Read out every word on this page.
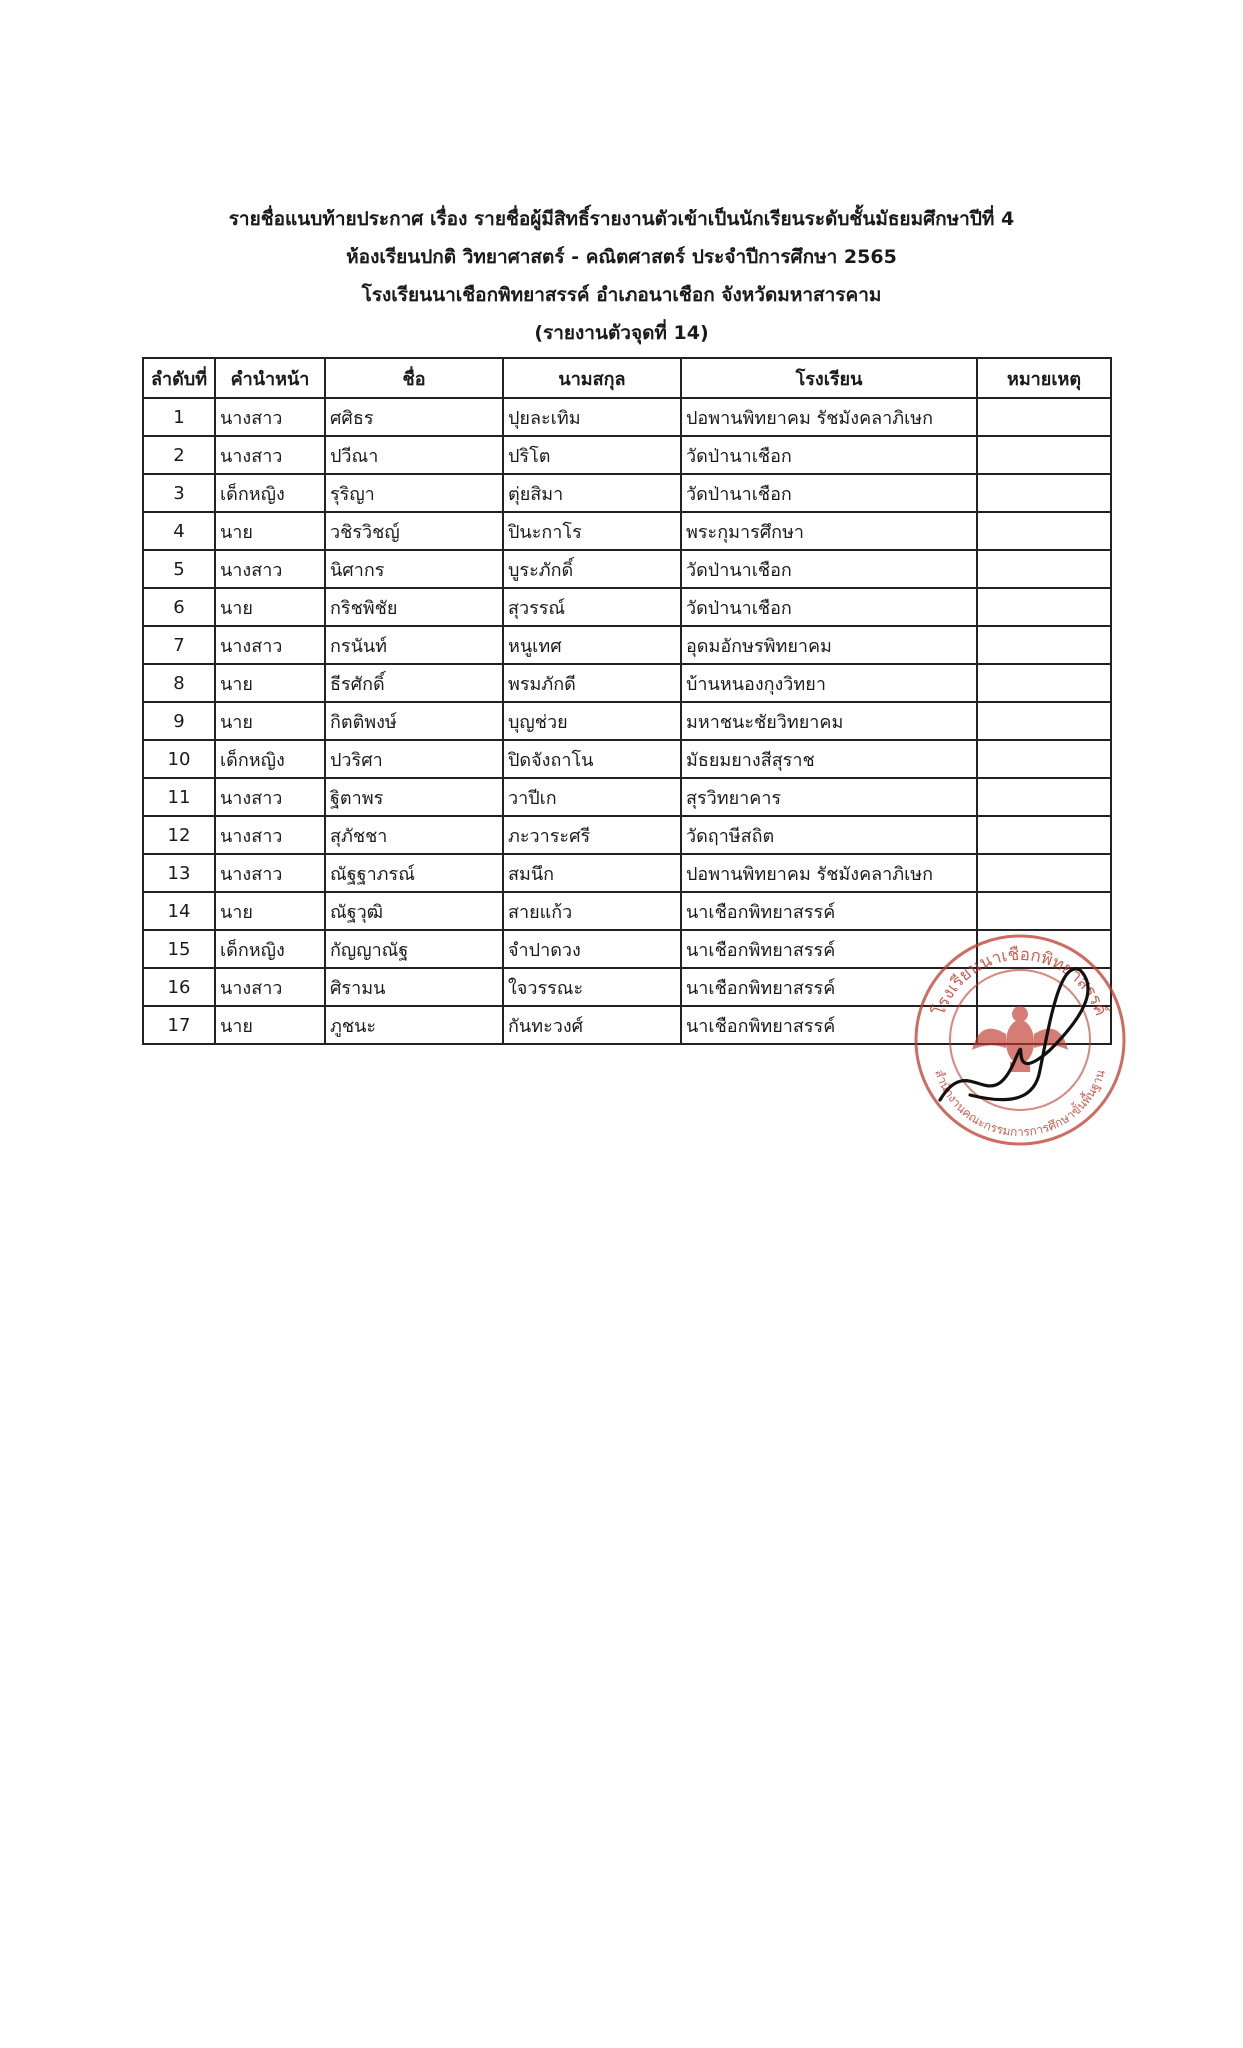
รายชื่อแนบท้ายประกาศ เรื่อง รายชื่อผู้มีสิทธิ์รายงานตัวเข้าเป็นนักเรียนระดับชั้นมัธยมศึกษาปีที่ 4
ห้องเรียนปกติ วิทยาศาสตร์ - คณิตศาสตร์ ประจำปีการศึกษา 2565
โรงเรียนนาเชือกพิทยาสรรค์ อำเภอนาเชือก จังหวัดมหาสารคาม
(รายงานตัวจุดที่ 14)
ลำดับที่	คำนำหน้า	ชื่อ	นามสกุล	โรงเรียน	หมายเหตุ
1	นางสาว	ศศิธร	ปุยละเทิม	ปอพานพิทยาคม รัชมังคลาภิเษก	
2	นางสาว	ปวีณา	ปริโต	วัดป่านาเชือก	
3	เด็กหญิง	รุริญา	ตุ่ยสิมา	วัดป่านาเชือก	
4	นาย	วชิรวิชญ์	ปินะกาโร	พระกุมารศึกษา	
5	นางสาว	นิศากร	บูระภักดิ์	วัดป่านาเชือก	
6	นาย	กริชพิชัย	สุวรรณ์	วัดป่านาเชือก	
7	นางสาว	กรนันท์	หนูเทศ	อุดมอักษรพิทยาคม	
8	นาย	ธีรศักดิ์	พรมภักดี	บ้านหนองกุงวิทยา	
9	นาย	กิตติพงษ์	บุญช่วย	มหาชนะชัยวิทยาคม	
10	เด็กหญิง	ปวริศา	ปิดจังถาโน	มัธยมยางสีสุราช	
11	นางสาว	ฐิตาพร	วาปีเก	สุรวิทยาคาร	
12	นางสาว	สุภัชชา	ภะวาระศรี	วัดฤาษีสถิต	
13	นางสาว	ณัฐฐาภรณ์	สมนึก	ปอพานพิทยาคม รัชมังคลาภิเษก	
14	นาย	ณัฐวุฒิ	สายแก้ว	นาเชือกพิทยาสรรค์	
15	เด็กหญิง	กัญญาณัฐ	จำปาดวง	นาเชือกพิทยาสรรค์	
16	นางสาว	ศิรามน	ใจวรรณะ	นาเชือกพิทยาสรรค์	
17	นาย	ภูชนะ	กันทะวงศ์	นาเชือกพิทยาสรรค์	
โรงเรียนนาเชือกพิทยาสรรค์
สำนักงานคณะกรรมการการศึกษาขั้นพื้นฐาน
